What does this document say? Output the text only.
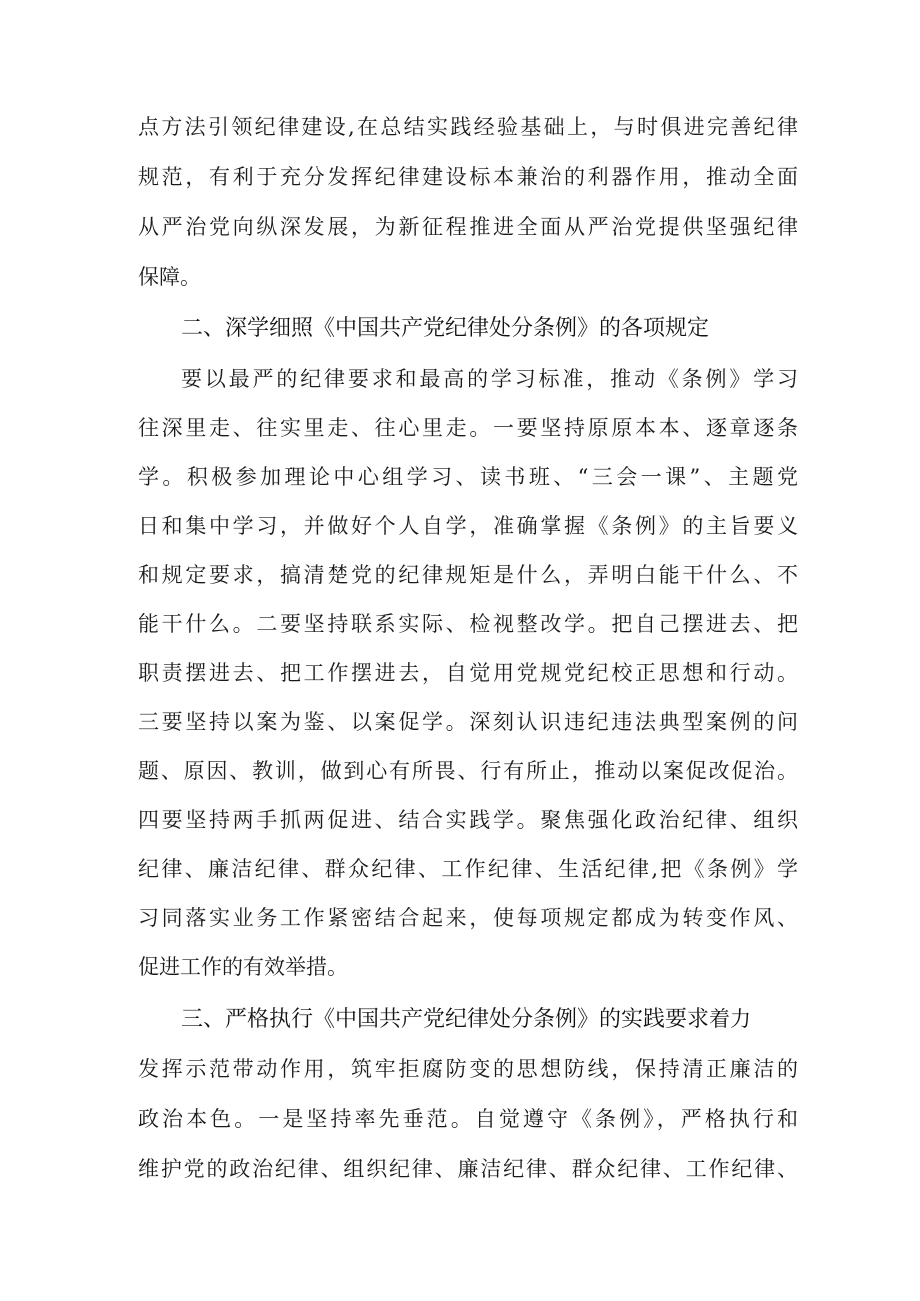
点方法引领纪律建设,在总结实践经验基础上，与时俱进完善纪律
规范，有利于充分发挥纪律建设标本兼治的利器作用，推动全面
从严治党向纵深发展，为新征程推进全面从严治党提供坚强纪律
保障。
二、深学细照《中国共产党纪律处分条例》的各项规定
要以最严的纪律要求和最高的学习标准，推动《条例》学习
往深里走、往实里走、往心里走。一要坚持原原本本、逐章逐条
学。积极参加理论中心组学习、读书班、“三会一课”、主题党
日和集中学习，并做好个人自学，准确掌握《条例》的主旨要义
和规定要求，搞清楚党的纪律规矩是什么，弄明白能干什么、不
能干什么。二要坚持联系实际、检视整改学。把自己摆进去、把
职责摆进去、把工作摆进去，自觉用党规党纪校正思想和行动。
三要坚持以案为鉴、以案促学。深刻认识违纪违法典型案例的问
题、原因、教训，做到心有所畏、行有所止，推动以案促改促治。
四要坚持两手抓两促进、结合实践学。聚焦强化政治纪律、组织
纪律、廉洁纪律、群众纪律、工作纪律、生活纪律,把《条例》学
习同落实业务工作紧密结合起来，使每项规定都成为转变作风、
促进工作的有效举措。
三、严格执行《中国共产党纪律处分条例》的实践要求着力
发挥示范带动作用，筑牢拒腐防变的思想防线，保持清正廉洁的
政治本色。一是坚持率先垂范。自觉遵守《条例》，严格执行和
维护党的政治纪律、组织纪律、廉洁纪律、群众纪律、工作纪律、
